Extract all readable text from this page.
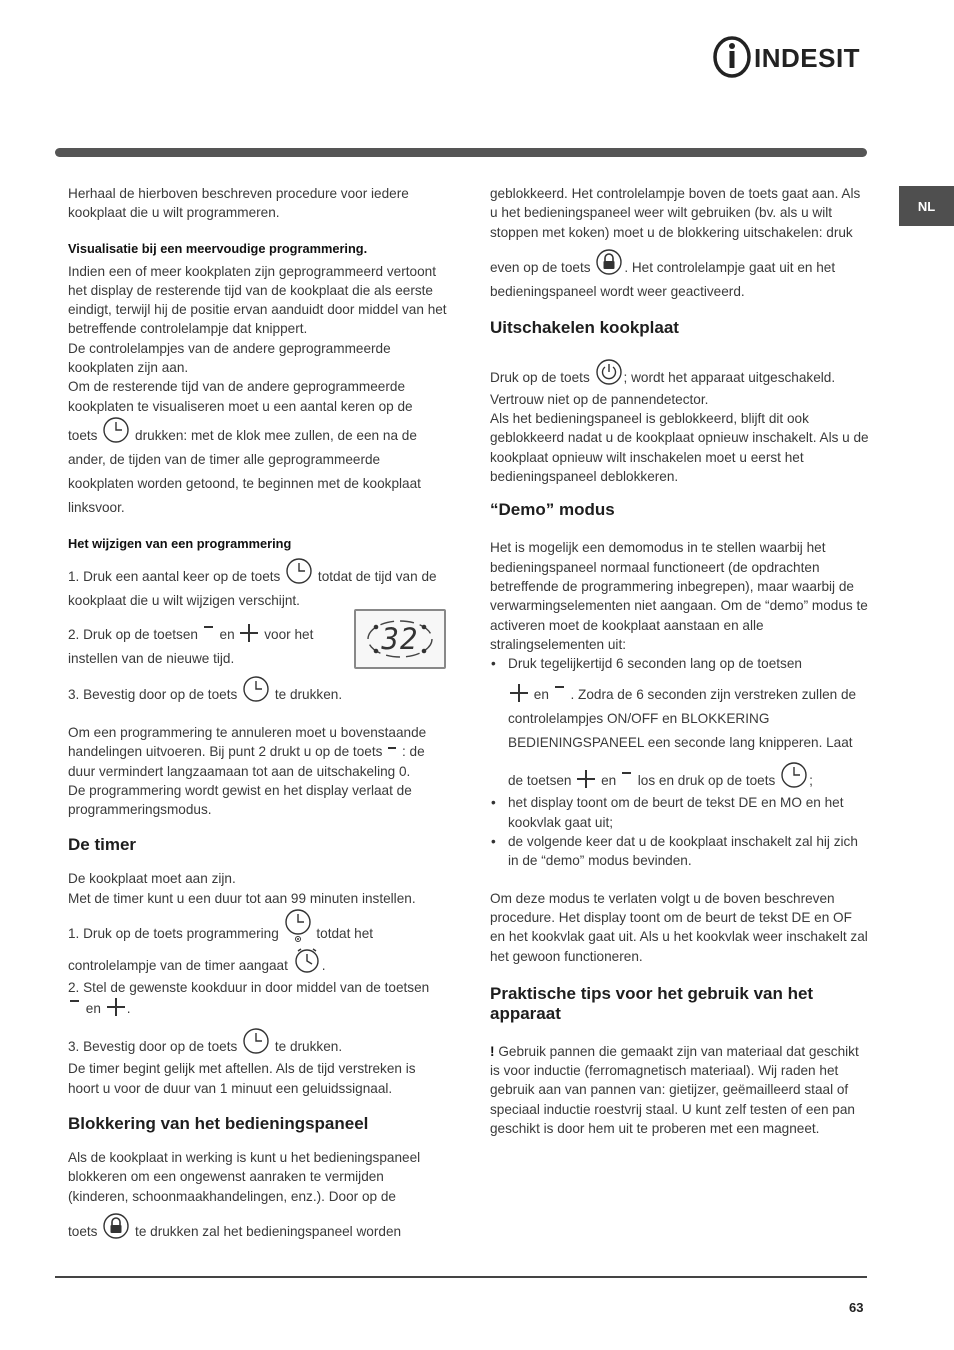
INDESIT
NL

Herhaal de hierboven beschreven procedure voor iedere kookplaat die u wilt programmeren.

Visualisatie bij een meervoudige programmering.

Indien een of meer kookplaten zijn geprogrammeerd vertoont het display de resterende tijd van de kookplaat die als eerste eindigt, terwijl hij de positie ervan aanduidt door middel van het betreffende controlelampje dat knippert.

De controlelampjes van de andere geprogrammeerde kookplaten zijn aan.

Om de resterende tijd van de andere geprogrammeerde kookplaten te visualiseren moet u een aantal keren op de

toets	drukken: met de klok mee zullen, de een na de ander, de tijden van de timer alle geprogrammeerde kookplaten worden getoond, te beginnen met de kookplaat linksvoor.

Het wijzigen van een programmering

1. Druk een aantal keer op de toets	totdat de tijd van de kookplaat die u wilt wijzigen verschijnt.

2. Druk op de toetsen en voor het instellen van de nieuwe tijd.

3. Bevestig door op de toets	te drukken.

Om een programmering te annuleren moet u bovenstaande handelingen uitvoeren. Bij punt 2 drukt u op de toets : de duur vermindert langzaamaan tot aan de uitschakeling 0.

De programmering wordt gewist en het display verlaat de programmeringsmodus.

De timer

De kookplaat moet aan zijn.

Met de timer kunt u een duur tot aan 99 minuten instellen.

1. Druk op de toets programmering	totdat het

controlelampje van de timer aangaat .

2. Stel de gewenste kookduur in door middel van de toetsen

en .

3. Bevestig door op de toets	te drukken.

De timer begint gelijk met aftellen. Als de tijd verstreken is hoort u voor de duur van 1 minuut een geluidssignaal.

Blokkering van het bedieningspaneel

Als de kookplaat in werking is kunt u het bedieningspaneel blokkeren om een ongewenst aanraken te vermijden (kinderen, schoonmaakhandelingen, enz.). Door op de

toets	te drukken zal het bedieningspaneel worden

32

geblokkeerd. Het controlelampje boven de toets gaat aan. Als u het bedieningspaneel weer wilt gebruiken (bv. als u wilt stoppen met koken) moet u de blokkering uitschakelen: druk

even op de toets . Het controlelampje gaat uit en het bedieningspaneel wordt weer geactiveerd.

Uitschakelen kookplaat

Druk op de toets ; wordt het apparaat uitgeschakeld.

Vertrouw niet op de pannendetector.

Als het bedieningspaneel is geblokkeerd, blijft dit ook geblokkeerd nadat u de kookplaat opnieuw inschakelt. Als u de kookplaat opnieuw wilt inschakelen moet u eerst het bedieningspaneel deblokkeren.

“Demo” modus

Het is mogelijk een demomodus in te stellen waarbij het bedieningspaneel normaal functioneert (de opdrachten betreffende de programmering inbegrepen), maar waarbij de verwarmingselementen niet aangaan. Om de “demo” modus te activeren moet de kookplaat aanstaan en alle stralingselementen uit:

• Druk tegelijkertijd 6 seconden lang op de toetsen
en . Zodra de 6 seconden zijn verstreken zullen de controlelampjes ON/OFF en BLOKKERING BEDIENINGSPANEEL een seconde lang knipperen. Laat
de toetsen en los en druk op de toets ;
• het display toont om de beurt de tekst DE en MO en het kookvlak gaat uit;
• de volgende keer dat u de kookplaat inschakelt zal hij zich in de “demo” modus bevinden.

Om deze modus te verlaten volgt u de boven beschreven procedure. Het display toont om de beurt de tekst DE en OF en het kookvlak gaat uit. Als u het kookvlak weer inschakelt zal het gewoon functioneren.

Praktische tips voor het gebruik van het apparaat

! Gebruik pannen die gemaakt zijn van materiaal dat geschikt is voor inductie (ferromagnetisch materiaal). Wij raden het gebruik aan van pannen van: gietijzer, geëmailleerd staal of speciaal inductie roestvrij staal. U kunt zelf testen of een pan geschikt is door hem uit te proberen met een magneet.

63
